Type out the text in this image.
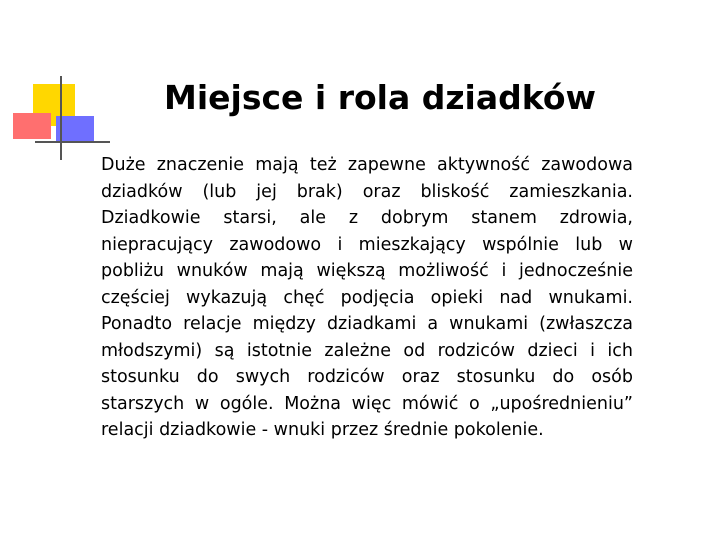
Miejsce i rola dziadków

Duże znaczenie mają też zapewne aktywność zawodowa dziadków (lub jej brak) oraz bliskość zamieszkania. Dziadkowie starsi, ale z dobrym stanem zdrowia, niepracujący zawodowo i mieszkający wspólnie lub w pobliżu wnuków mają większą możliwość i jednocześnie częściej wykazują chęć podjęcia opieki nad wnukami. Ponadto relacje między dziadkami a wnukami (zwłaszcza młodszymi) są istotnie zależne od rodziców dzieci i ich stosunku do swych rodziców oraz stosunku do osób starszych w ogóle. Można więc mówić o „upośrednieniu” relacji dziadkowie - wnuki przez średnie pokolenie.
